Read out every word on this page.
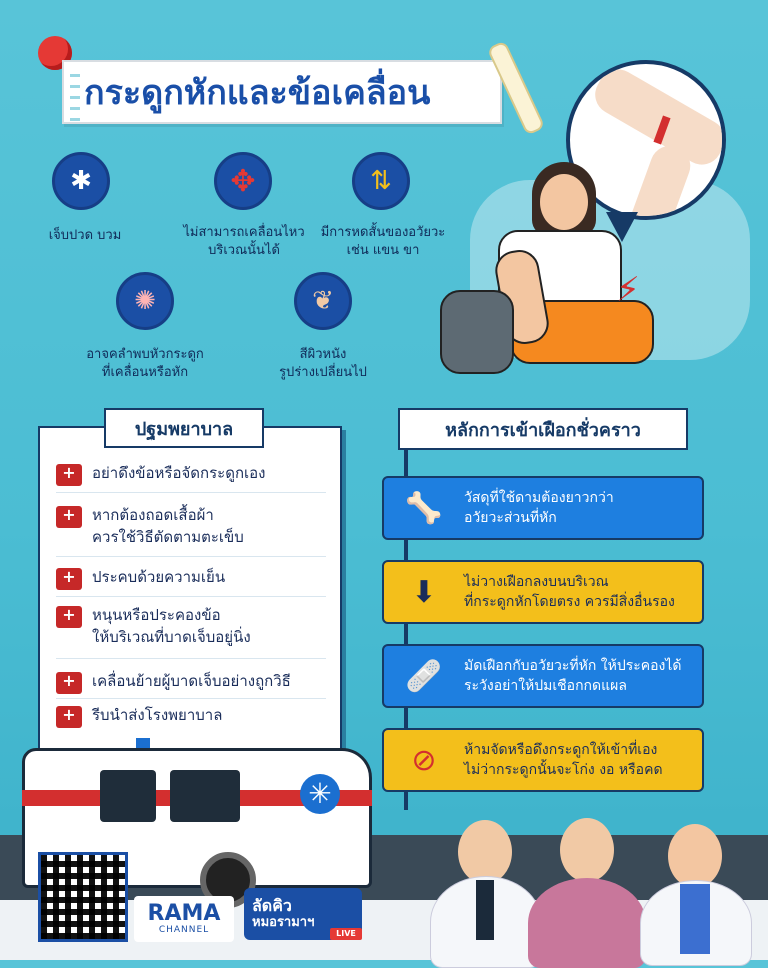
กระดูกหักและข้อเคลื่อน
✱
เจ็บปวด บวม
✥
ไม่สามารถเคลื่อนไหว
บริเวณนั้นได้
⇅
มีการหดสั้นของอวัยวะ
เช่น แขน ขา
✺
อาจคลำพบหัวกระดูก
ที่เคลื่อนหรือหัก
❦
สีผิวหนัง
รูปร่างเปลี่ยนไป
⚡
ปฐมพยาบาล
+
อย่าดึงข้อหรือจัดกระดูกเอง
+
หากต้องถอดเสื้อผ้า
ควรใช้วิธีตัดตามตะเข็บ
+
ประคบด้วยความเย็น
+
หนุนหรือประคองข้อ
ให้บริเวณที่บาดเจ็บอยู่นิ่ง
+
เคลื่อนย้ายผู้บาดเจ็บอย่างถูกวิธี
+
รีบนำส่งโรงพยาบาล
หลักการเข้าเฝือกชั่วคราว
🦴	วัสดุที่ใช้ดามต้องยาวกว่า
อวัยวะส่วนที่หัก
⬇	ไม่วางเฝือกลงบนบริเวณ
ที่กระดูกหักโดยตรง ควรมีสิ่งอื่นรอง
🩹	มัดเฝือกกับอวัยวะที่หัก ให้ประคองได้
ระวังอย่าให้ปมเชือกกดแผล
⊘ ห้ามจัดหรือดึงกระดูกให้เข้าที่เอง
ไม่ว่ากระดูกนั้นจะโก่ง งอ หรือคด
✳
RAMA
CHANNEL
ลัดคิว
หมอรามาฯ
LIVE
